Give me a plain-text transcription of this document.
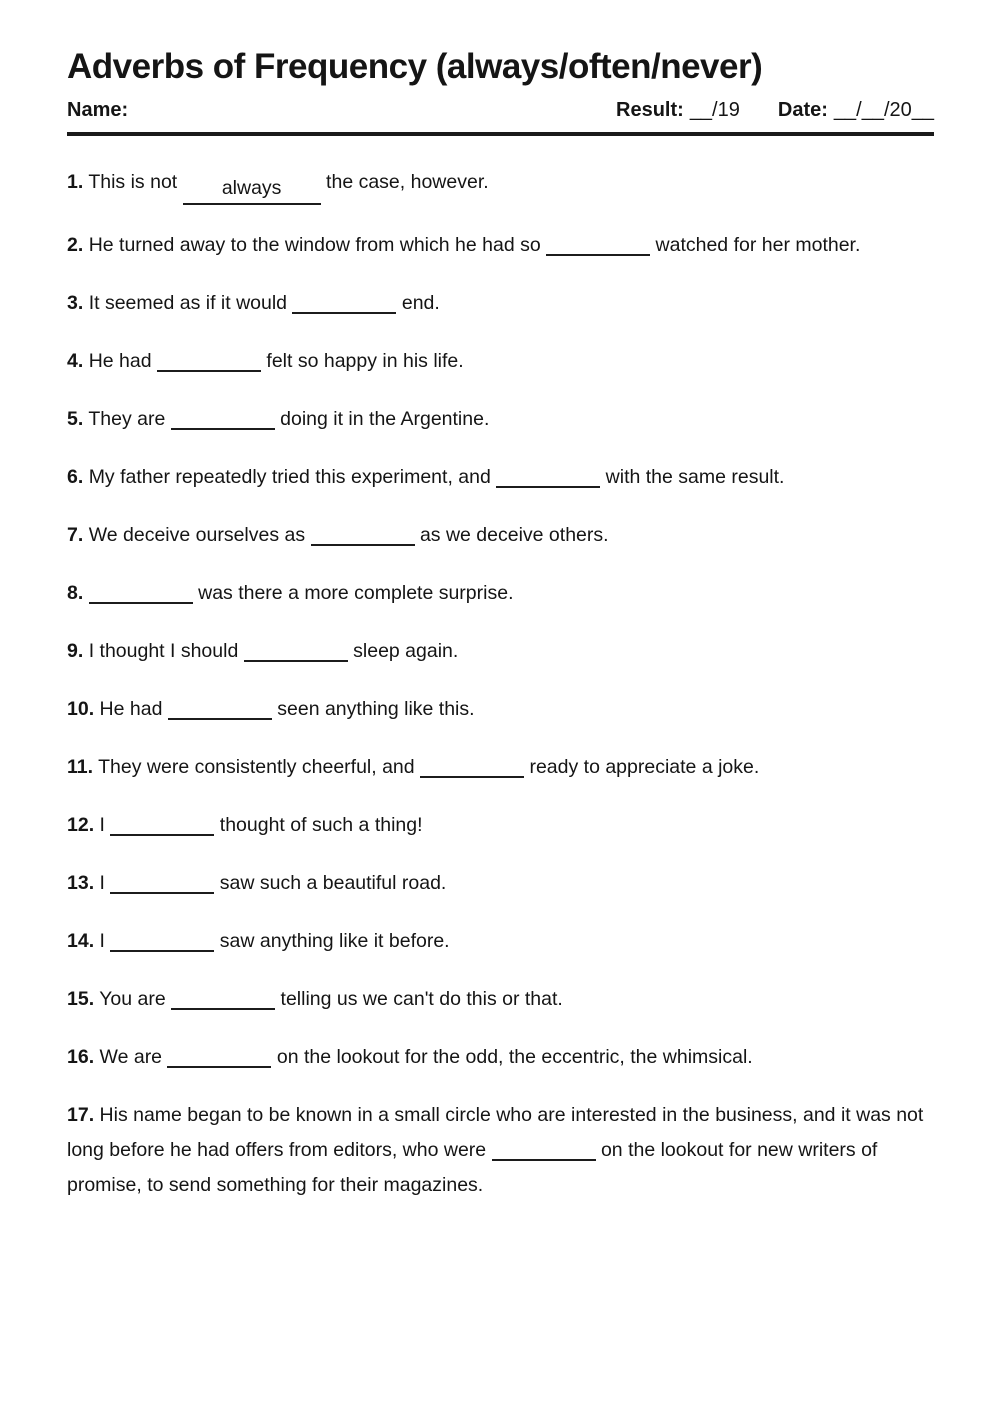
Adverbs of Frequency (always/often/never)
Name:	Result: __/19 Date: __/__/20__

1. This is not always the case, however.

2. He turned away to the window from which he had so	watched for her mother.

3. It seemed as if it would	end.

4. He had	felt so happy in his life.

5. They are	doing it in the Argentine.

6. My father repeatedly tried this experiment, and	with the same result.

7. We deceive ourselves as	as we deceive others.

8.	was there a more complete surprise.

9. I thought I should	sleep again.

10. He had	seen anything like this.

11. They were consistently cheerful, and	ready to appreciate a joke.

12. I	thought of such a thing!

13. I	saw such a beautiful road.

14. I	saw anything like it before.

15. You are	telling us we can't do this or that.

16. We are	on the lookout for the odd, the eccentric, the whimsical.

17. His name began to be known in a small circle who are interested in the business, and it was not long before he had offers from editors, who were	on the lookout for new writers of promise, to send something for their magazines.
